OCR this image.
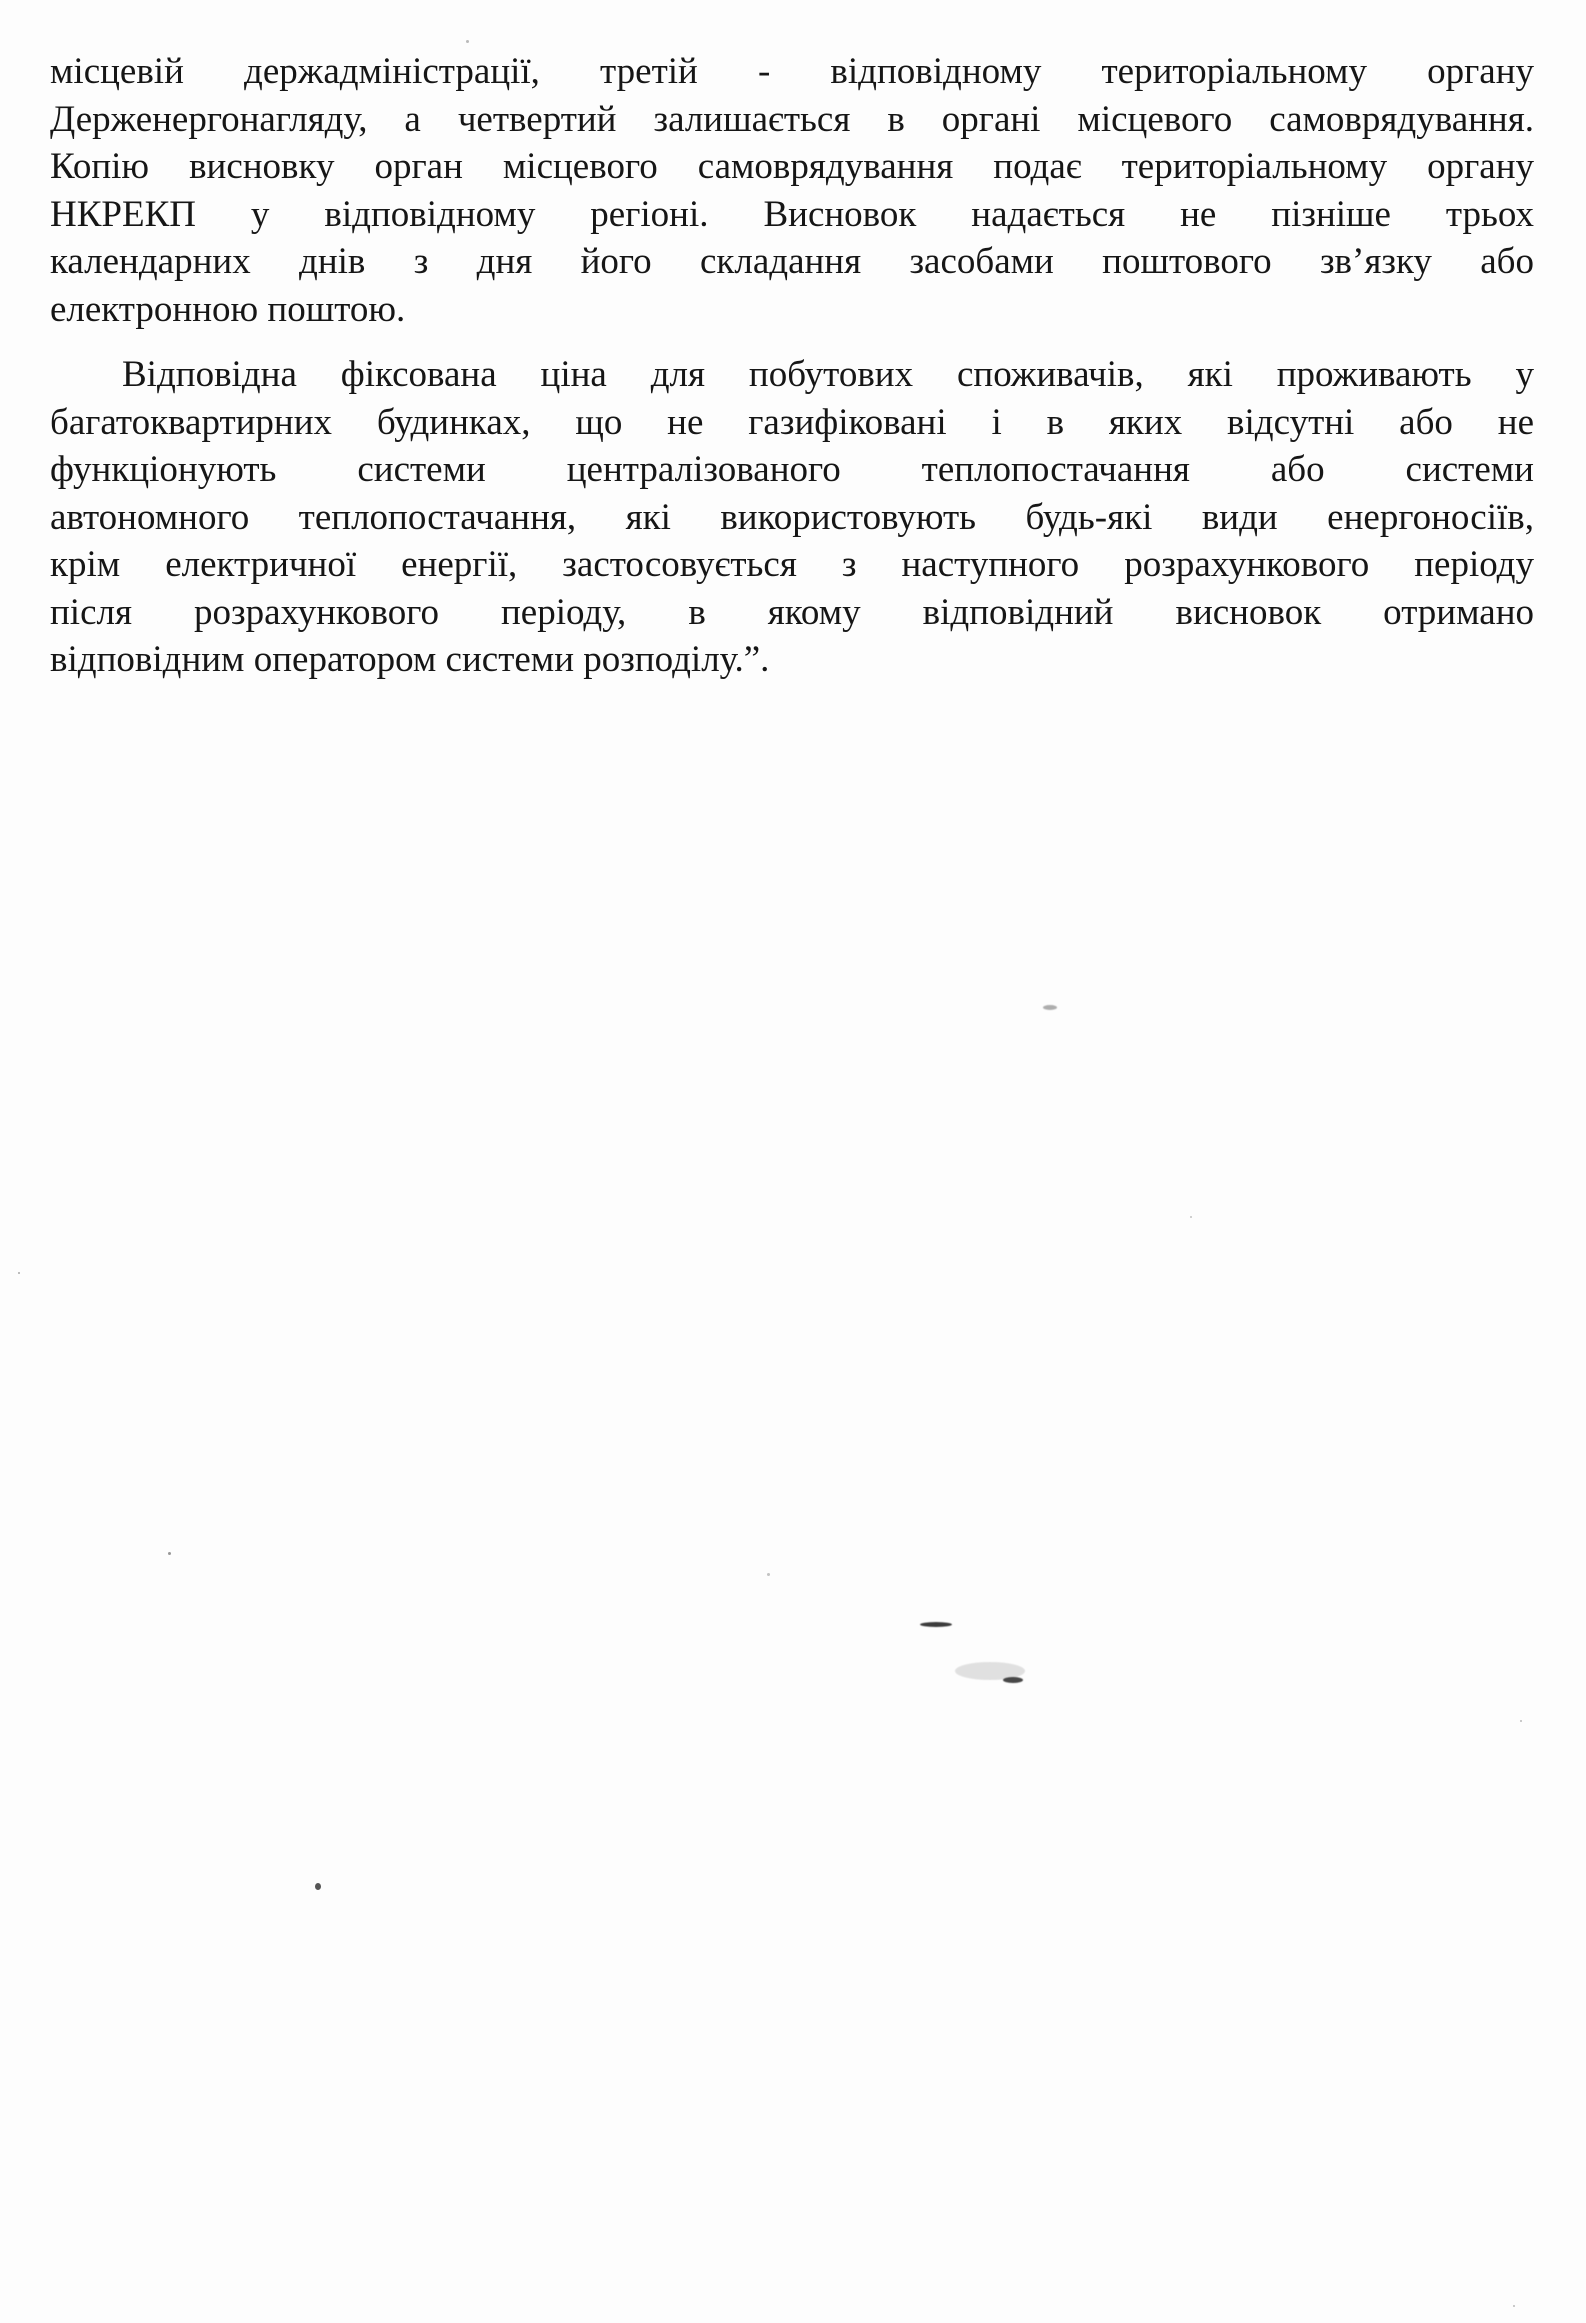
місцевій держадміністрації, третій - відповідному територіальному органу
Держенергонагляду, а четвертий залишається в органі місцевого самоврядування.
Копію висновку орган місцевого самоврядування подає територіальному органу
НКРЕКП у відповідному регіоні. Висновок надається не пізніше трьох
календарних днів з дня його складання засобами поштового зв’язку або
електронною поштою.

Відповідна фіксована ціна для побутових споживачів, які проживають у
багатоквартирних будинках, що не газифіковані і в яких відсутні або не
функціонують системи централізованого теплопостачання або системи
автономного теплопостачання, які використовують будь-які види енергоносіїв,
крім електричної енергії, застосовується з наступного розрахункового періоду
після розрахункового періоду, в якому відповідний висновок отримано
відповідним оператором системи розподілу.”.
